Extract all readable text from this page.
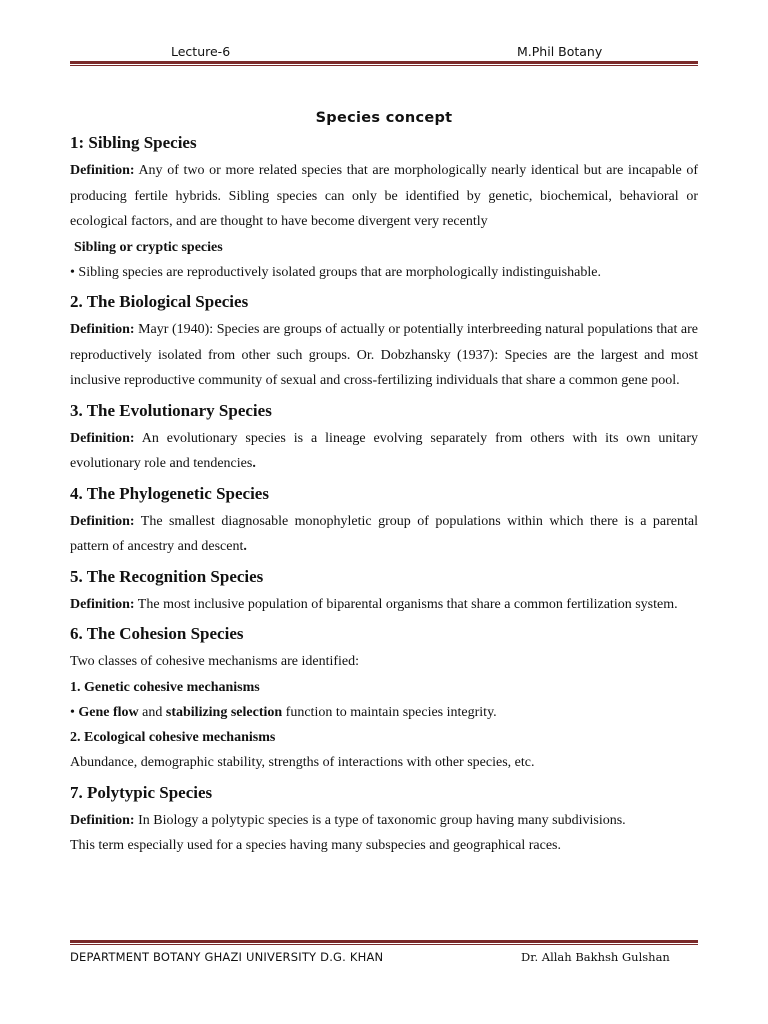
Lecture-6	M.Phil Botany
Species concept
1: Sibling Species

Definition: Any of two or more related species that are morphologically nearly identical but are incapable of producing fertile hybrids. Sibling species can only be identified by genetic, biochemical, behavioral or ecological factors, and are thought to have become divergent very recently

Sibling or cryptic species

• Sibling species are reproductively isolated groups that are morphologically indistinguishable.

2. The Biological Species

Definition: Mayr (1940): Species are groups of actually or potentially interbreeding natural populations that are reproductively isolated from other such groups. Or. Dobzhansky (1937): Species are the largest and most inclusive reproductive community of sexual and cross-fertilizing individuals that share a common gene pool.

3. The Evolutionary Species

Definition: An evolutionary species is a lineage evolving separately from others with its own unitary evolutionary role and tendencies.

4. The Phylogenetic Species

Definition: The smallest diagnosable monophyletic group of populations within which there is a parental pattern of ancestry and descent.

5. The Recognition Species

Definition: The most inclusive population of biparental organisms that share a common fertilization system.

6. The Cohesion Species

Two classes of cohesive mechanisms are identified:

1. Genetic cohesive mechanisms

• Gene flow and stabilizing selection function to maintain species integrity.

2. Ecological cohesive mechanisms

Abundance, demographic stability, strengths of interactions with other species, etc.

7. Polytypic Species

Definition: In Biology a polytypic species is a type of taxonomic group having many subdivisions.

This term especially used for a species having many subspecies and geographical races.

DEPARTMENT BOTANY GHAZI UNIVERSITY D.G. KHAN	Dr. Allah Bakhsh Gulshan
